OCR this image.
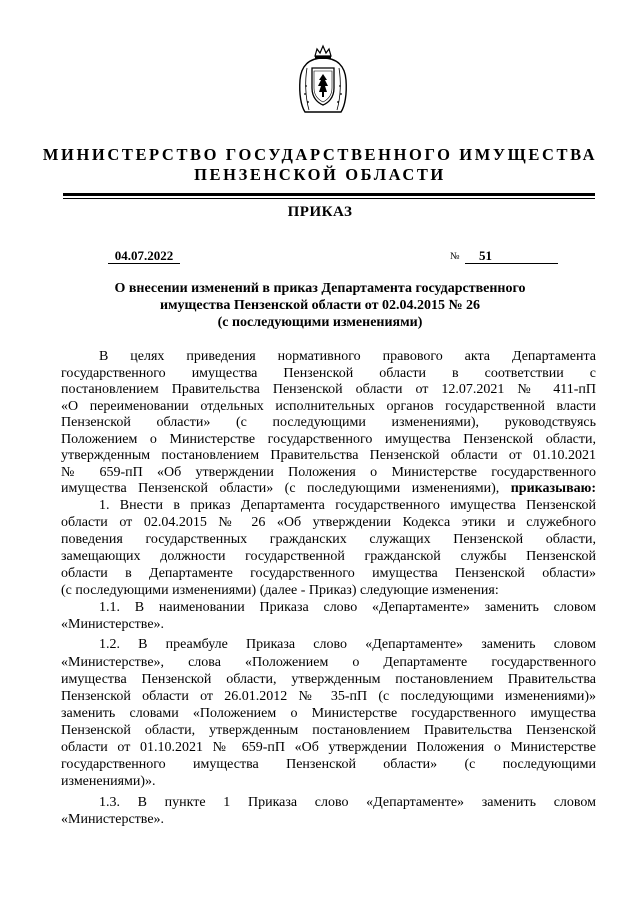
МИНИСТЕРСТВО ГОСУДАРСТВЕННОГО ИМУЩЕСТВА
ПЕНЗЕНСКОЙ ОБЛАСТИ
ПРИКАЗ
04.07.2022	№	51
О внесении изменений в приказ Департамента государственного
имущества Пензенской области от 02.04.2015 № 26
(с последующими изменениями)
В целях приведения нормативного правового акта Департамента
государственного имущества Пензенской области в соответствии с
постановлением Правительства Пензенской области от 12.07.2021 № 411-пП
«О переименовании отдельных исполнительных органов государственной власти
Пензенской области» (с последующими изменениями), руководствуясь
Положением о Министерстве государственного имущества Пензенской области,
утвержденным постановлением Правительства Пензенской области от 01.10.2021
№ 659-пП «Об утверждении Положения о Министерстве государственного
имущества Пензенской области» (с последующими изменениями), приказываю:
1. Внести в приказ Департамента государственного имущества Пензенской
области от 02.04.2015 № 26 «Об утверждении Кодекса этики и служебного
поведения государственных гражданских служащих Пензенской области,
замещающих должности государственной гражданской службы Пензенской
области в Департаменте государственного имущества Пензенской области»
(с последующими изменениями) (далее - Приказ) следующие изменения:
1.1. В наименовании Приказа слово «Департаменте» заменить словом
«Министерстве».
1.2. В преамбуле Приказа слово «Департаменте» заменить словом
«Министерстве», слова «Положением о Департаменте государственного
имущества Пензенской области, утвержденным постановлением Правительства
Пензенской области от 26.01.2012 № 35-пП (с последующими изменениями)»
заменить словами «Положением о Министерстве государственного имущества
Пензенской области, утвержденным постановлением Правительства Пензенской
области от 01.10.2021 № 659-пП «Об утверждении Положения о Министерстве
государственного имущества Пензенской области» (с последующими
изменениями)».
1.3. В пункте 1 Приказа слово «Департаменте» заменить словом
«Министерстве».
